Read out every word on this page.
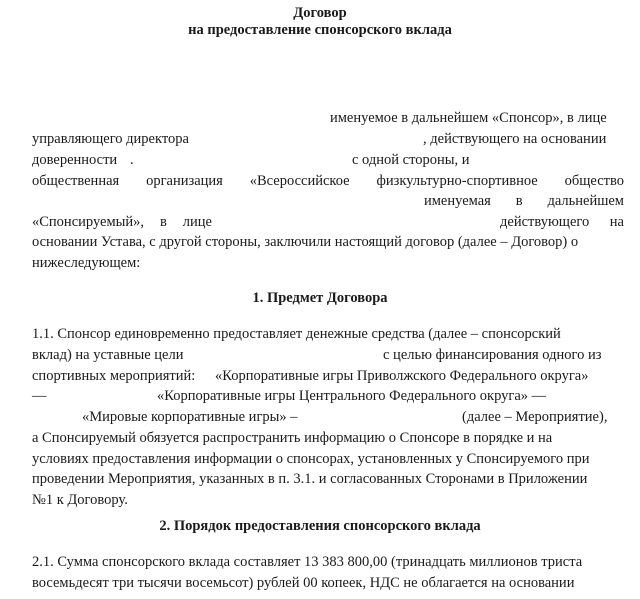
Договор
на предоставление спонсорского вклада
именуемое в дальнейшем «Спонсор», в лице
управляющего директора	, действующего на основании
доверенности .	с одной стороны, и
общественная организация «Всероссийское физкультурно-спортивное общество
именуемая в дальнейшем
«Спонсируемый», в лице	действующего на
основании Устава, с другой стороны, заключили настоящий договор (далее – Договор) о
нижеследующем:
1. Предмет Договора
1.1. Спонсор единовременно предоставляет денежные средства (далее – спонсорский
вклад) на уставные цели	с целью финансирования одного из
спортивных мероприятий: «Корпоративные игры Приволжского Федерального округа»
—	«Корпоративные игры Центрального Федерального округа» —
«Мировые корпоративные игры» –	(далее – Мероприятие),
а Спонсируемый обязуется распространить информацию о Спонсоре в порядке и на
условиях предоставления информации о спонсорах, установленных у Спонсируемого при
проведении Мероприятия, указанных в п. 3.1. и согласованных Сторонами в Приложении
№1 к Договору.
2. Порядок предоставления спонсорского вклада
2.1. Сумма спонсорского вклада составляет 13 383 800,00 (тринадцать миллионов триста
восемьдесят три тысячи восемьсот) рублей 00 копеек, НДС не облагается на основании
